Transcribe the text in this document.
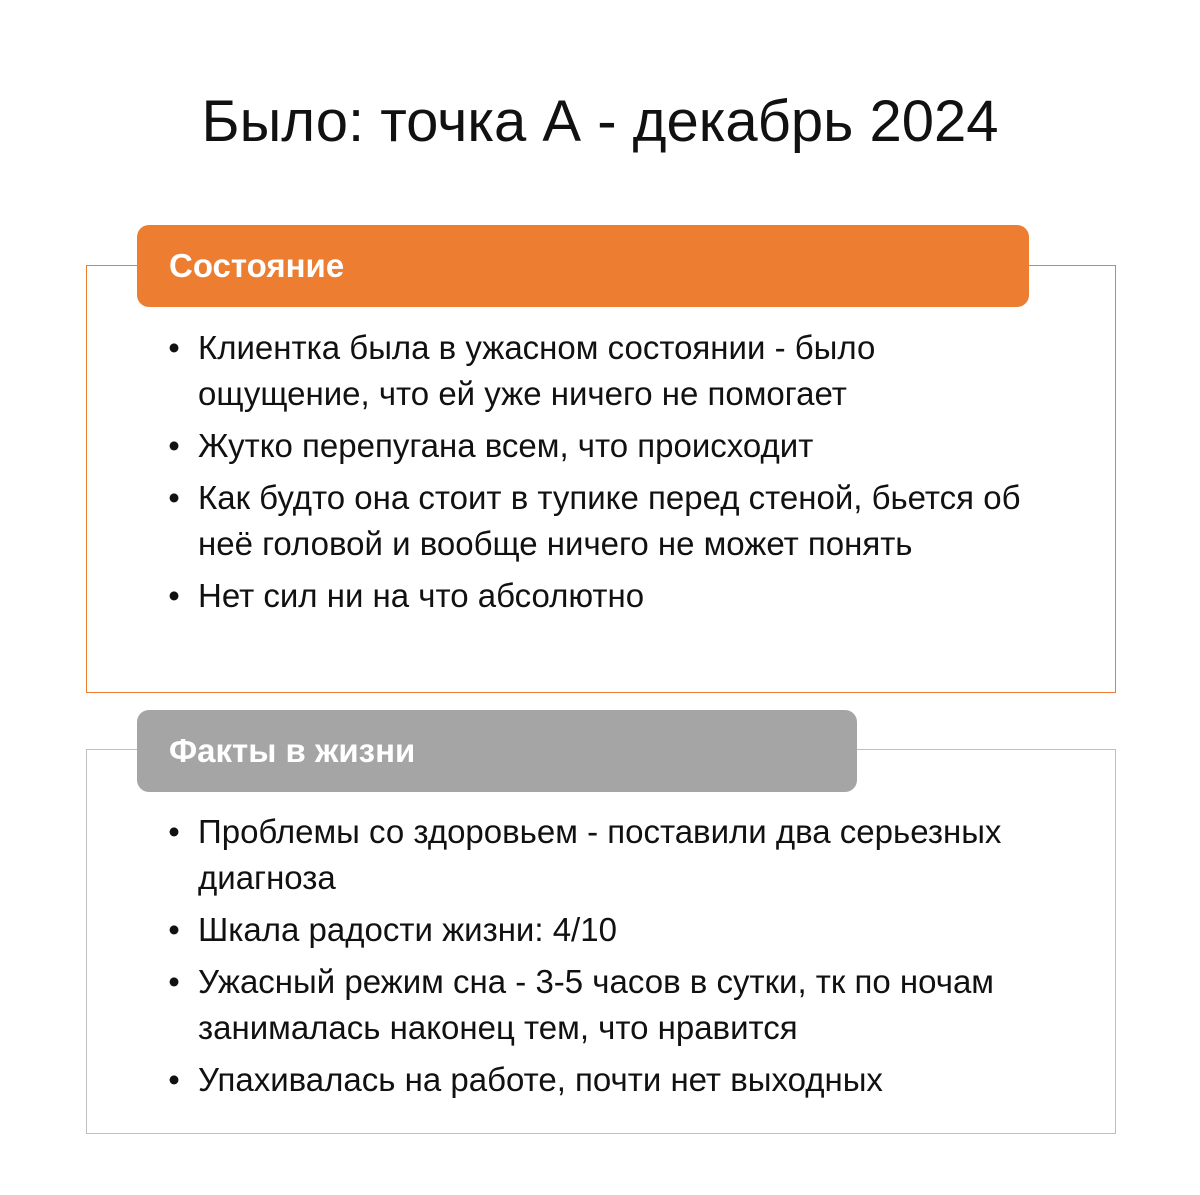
Было: точка А - декабрь 2024
Состояние
• Клиентка была в ужасном состоянии - было ощущение, что ей уже ничего не помогает
• Жутко перепугана всем, что происходит
• Как будто она стоит в тупике перед стеной, бьется об неё головой и вообще ничего не может понять
• Нет сил ни на что абсолютно
Факты в жизни
• Проблемы со здоровьем - поставили два серьезных диагноза
• Шкала радости жизни: 4/10
• Ужасный режим сна - 3-5 часов в сутки, тк по ночам занималась наконец тем, что нравится
• Упахивалась на работе, почти нет выходных
